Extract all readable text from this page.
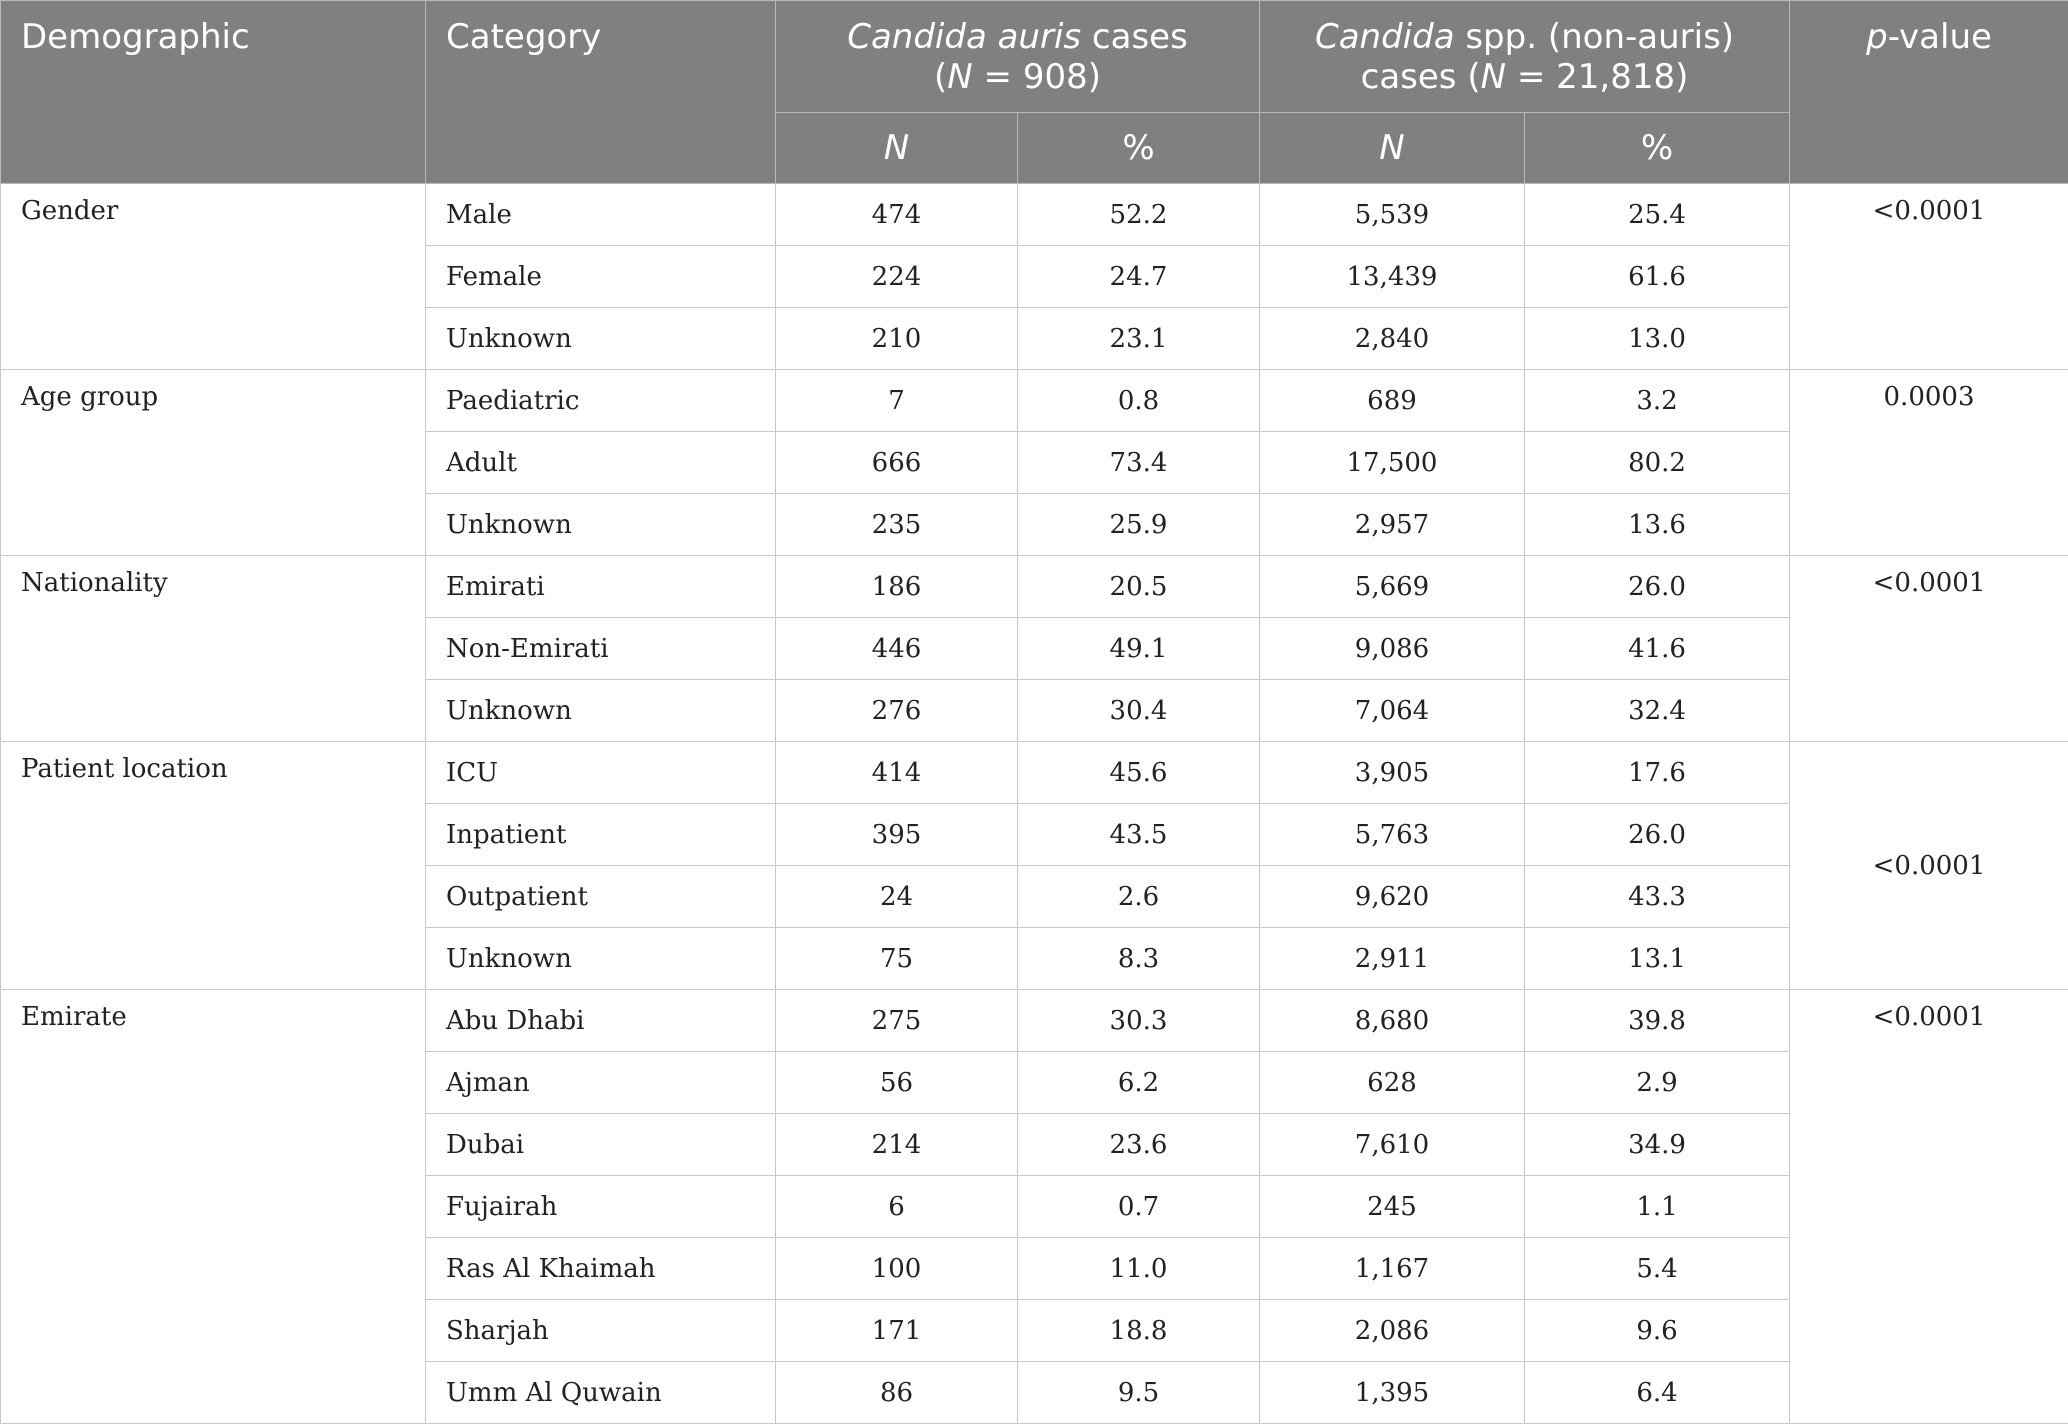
Demographic	Category	Candida auris cases
(N = 908)		Candida spp. (non-auris)
cases (N = 21,818)		p-value
		N	%	N	%	
Gender	Male	474	52.2	5,539	25.4	<0.0001
	Female	224	24.7	13,439	61.6	
	Unknown	210	23.1	2,840	13.0	
Age group	Paediatric	7	0.8	689	3.2	0.0003
	Adult	666	73.4	17,500	80.2	
	Unknown	235	25.9	2,957	13.6	
Nationality	Emirati	186	20.5	5,669	26.0	<0.0001
	Non-Emirati	446	49.1	9,086	41.6	
	Unknown	276	30.4	7,064	32.4	
Patient location	ICU	414	45.6	3,905	17.6	<0.0001
	Inpatient	395	43.5	5,763	26.0	
	Outpatient	24	2.6	9,620	43.3	
	Unknown	75	8.3	2,911	13.1	
Emirate	Abu Dhabi	275	30.3	8,680	39.8	<0.0001
	Ajman	56	6.2	628	2.9	
	Dubai	214	23.6	7,610	34.9	
	Fujairah	6	0.7	245	1.1	
	Ras Al Khaimah	100	11.0	1,167	5.4	
	Sharjah	171	18.8	2,086	9.6	
	Umm Al Quwain	86	9.5	1,395	6.4	
